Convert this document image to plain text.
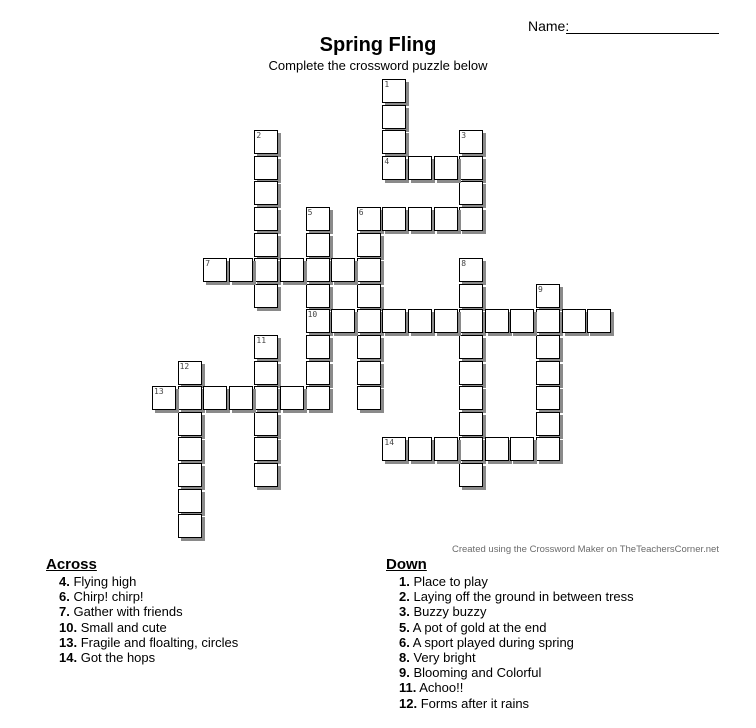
Name:
Spring Fling
Complete the crossword puzzle below
1
4
2	3
5
10
6
7	8
9
11
12
13
14
Created using the Crossword Maker on TheTeachersCorner.net
Across
4. Flying high
6. Chirp! chirp!
7. Gather with friends
10. Small and cute
13. Fragile and floalting, circles
14. Got the hops
Down
1. Place to play
2. Laying off the ground in between tress
3. Buzzy buzzy
5. A pot of gold at the end
6. A sport played during spring
8. Very bright
9. Blooming and Colorful
11. Achoo!!
12. Forms after it rains
